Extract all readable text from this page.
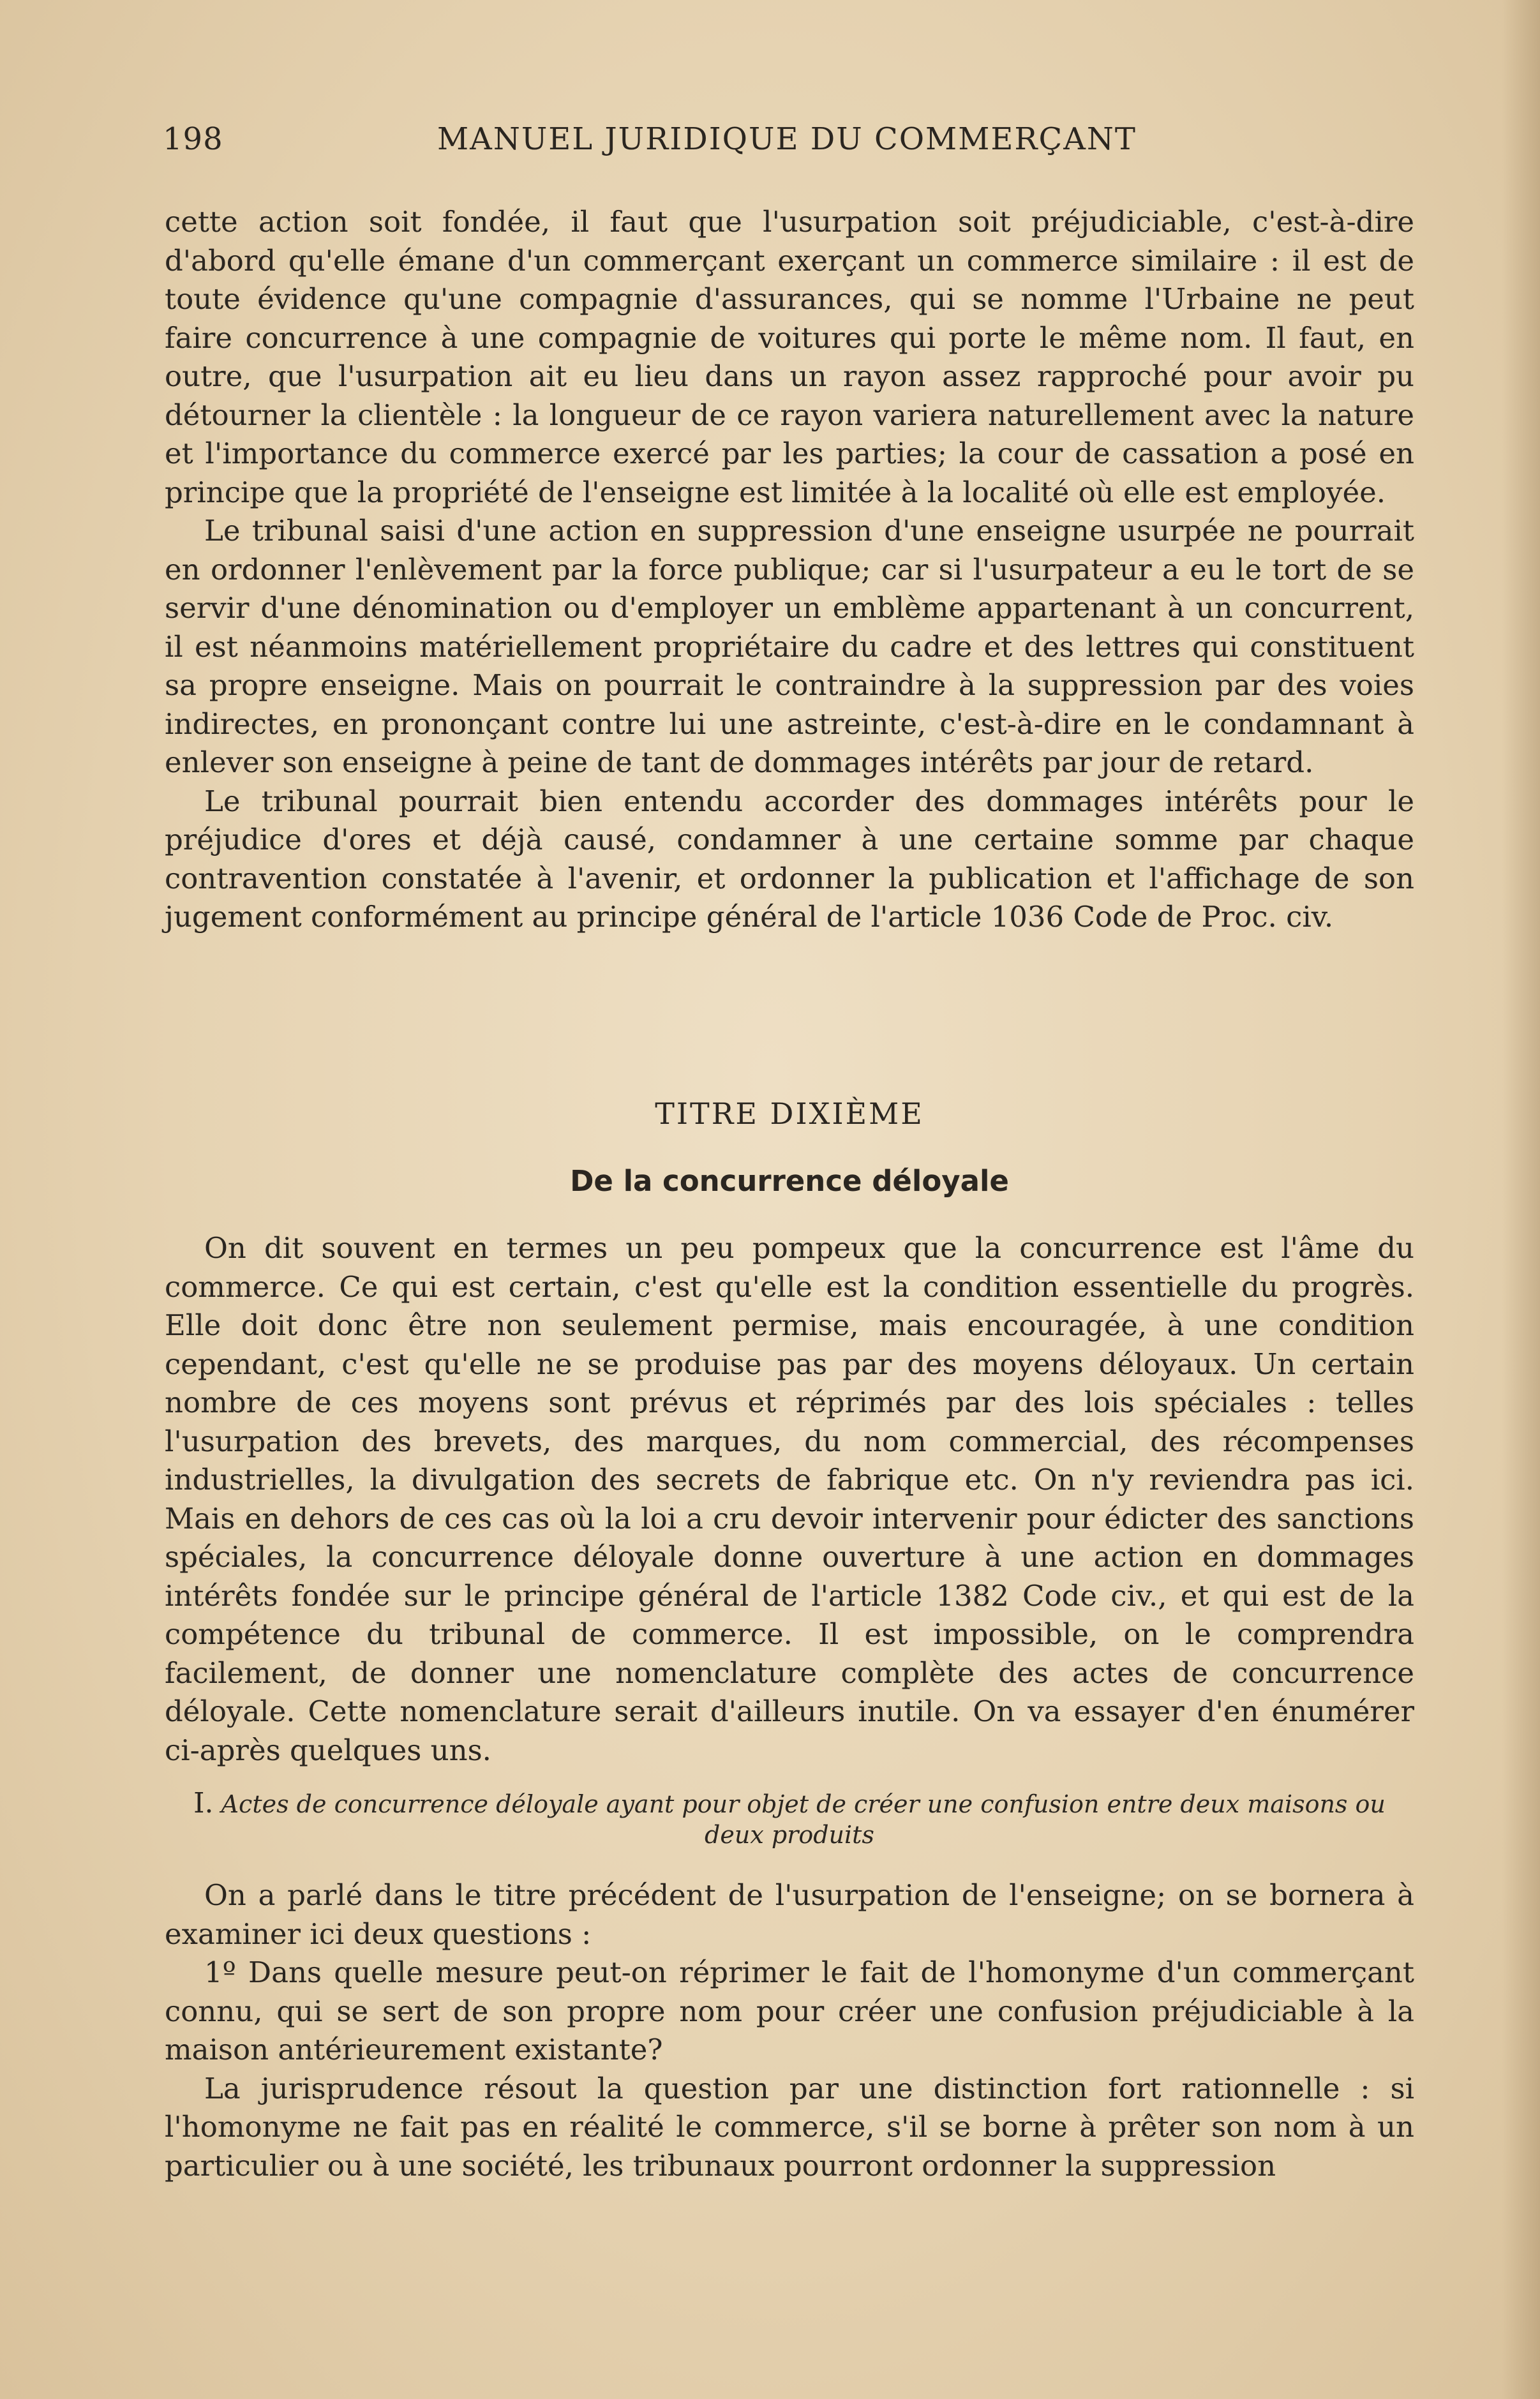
198	MANUEL JURIDIQUE DU COMMERÇANT

cette action soit fondée, il faut que l'usurpation soit préjudiciable, c'est-à-dire d'abord qu'elle émane d'un commerçant exerçant un commerce similaire : il est de toute évidence qu'une compagnie d'assurances, qui se nomme l'Urbaine ne peut faire concurrence à une compagnie de voitures qui porte le même nom. Il faut, en outre, que l'usurpation ait eu lieu dans un rayon assez rapproché pour avoir pu détourner la clientèle : la longueur de ce rayon variera naturellement avec la nature et l'importance du commerce exercé par les parties; la cour de cassation a posé en principe que la propriété de l'enseigne est limitée à la localité où elle est employée.

Le tribunal saisi d'une action en suppression d'une enseigne usurpée ne pourrait en ordonner l'enlèvement par la force publique; car si l'usurpateur a eu le tort de se servir d'une dénomination ou d'employer un emblème appartenant à un concurrent, il est néanmoins matériellement propriétaire du cadre et des lettres qui constituent sa propre enseigne. Mais on pourrait le contraindre à la suppression par des voies indirectes, en prononçant contre lui une astreinte, c'est-à-dire en le condamnant à enlever son enseigne à peine de tant de dommages intérêts par jour de retard.

Le tribunal pourrait bien entendu accorder des dommages intérêts pour le préjudice d'ores et déjà causé, condamner à une certaine somme par chaque contravention constatée à l'avenir, et ordonner la publication et l'affichage de son jugement conformément au principe général de l'article 1036 Code de Proc. civ.

TITRE DIXIÈME
De la concurrence déloyale

On dit souvent en termes un peu pompeux que la concurrence est l'âme du commerce. Ce qui est certain, c'est qu'elle est la condition essentielle du progrès. Elle doit donc être non seulement permise, mais encouragée, à une condition cependant, c'est qu'elle ne se produise pas par des moyens déloyaux. Un certain nombre de ces moyens sont prévus et réprimés par des lois spéciales : telles l'usurpation des brevets, des marques, du nom commercial, des récompenses industrielles, la divulgation des secrets de fabrique etc. On n'y reviendra pas ici. Mais en dehors de ces cas où la loi a cru devoir intervenir pour édicter des sanctions spéciales, la concurrence déloyale donne ouverture à une action en dommages intérêts fondée sur le principe général de l'article 1382 Code civ., et qui est de la compétence du tribunal de commerce. Il est impossible, on le comprendra facilement, de donner une nomenclature complète des actes de concurrence déloyale. Cette nomenclature serait d'ailleurs inutile. On va essayer d'en énumérer ci-après quelques uns.

I. Actes de concurrence déloyale ayant pour objet de créer une confusion entre deux maisons ou deux produits

On a parlé dans le titre précédent de l'usurpation de l'enseigne; on se bornera à examiner ici deux questions :

1º Dans quelle mesure peut-on réprimer le fait de l'homonyme d'un commerçant connu, qui se sert de son propre nom pour créer une confusion préjudiciable à la maison antérieurement existante?

La jurisprudence résout la question par une distinction fort rationnelle : si l'homonyme ne fait pas en réalité le commerce, s'il se borne à prêter son nom à un particulier ou à une société, les tribunaux pourront ordonner la suppression
